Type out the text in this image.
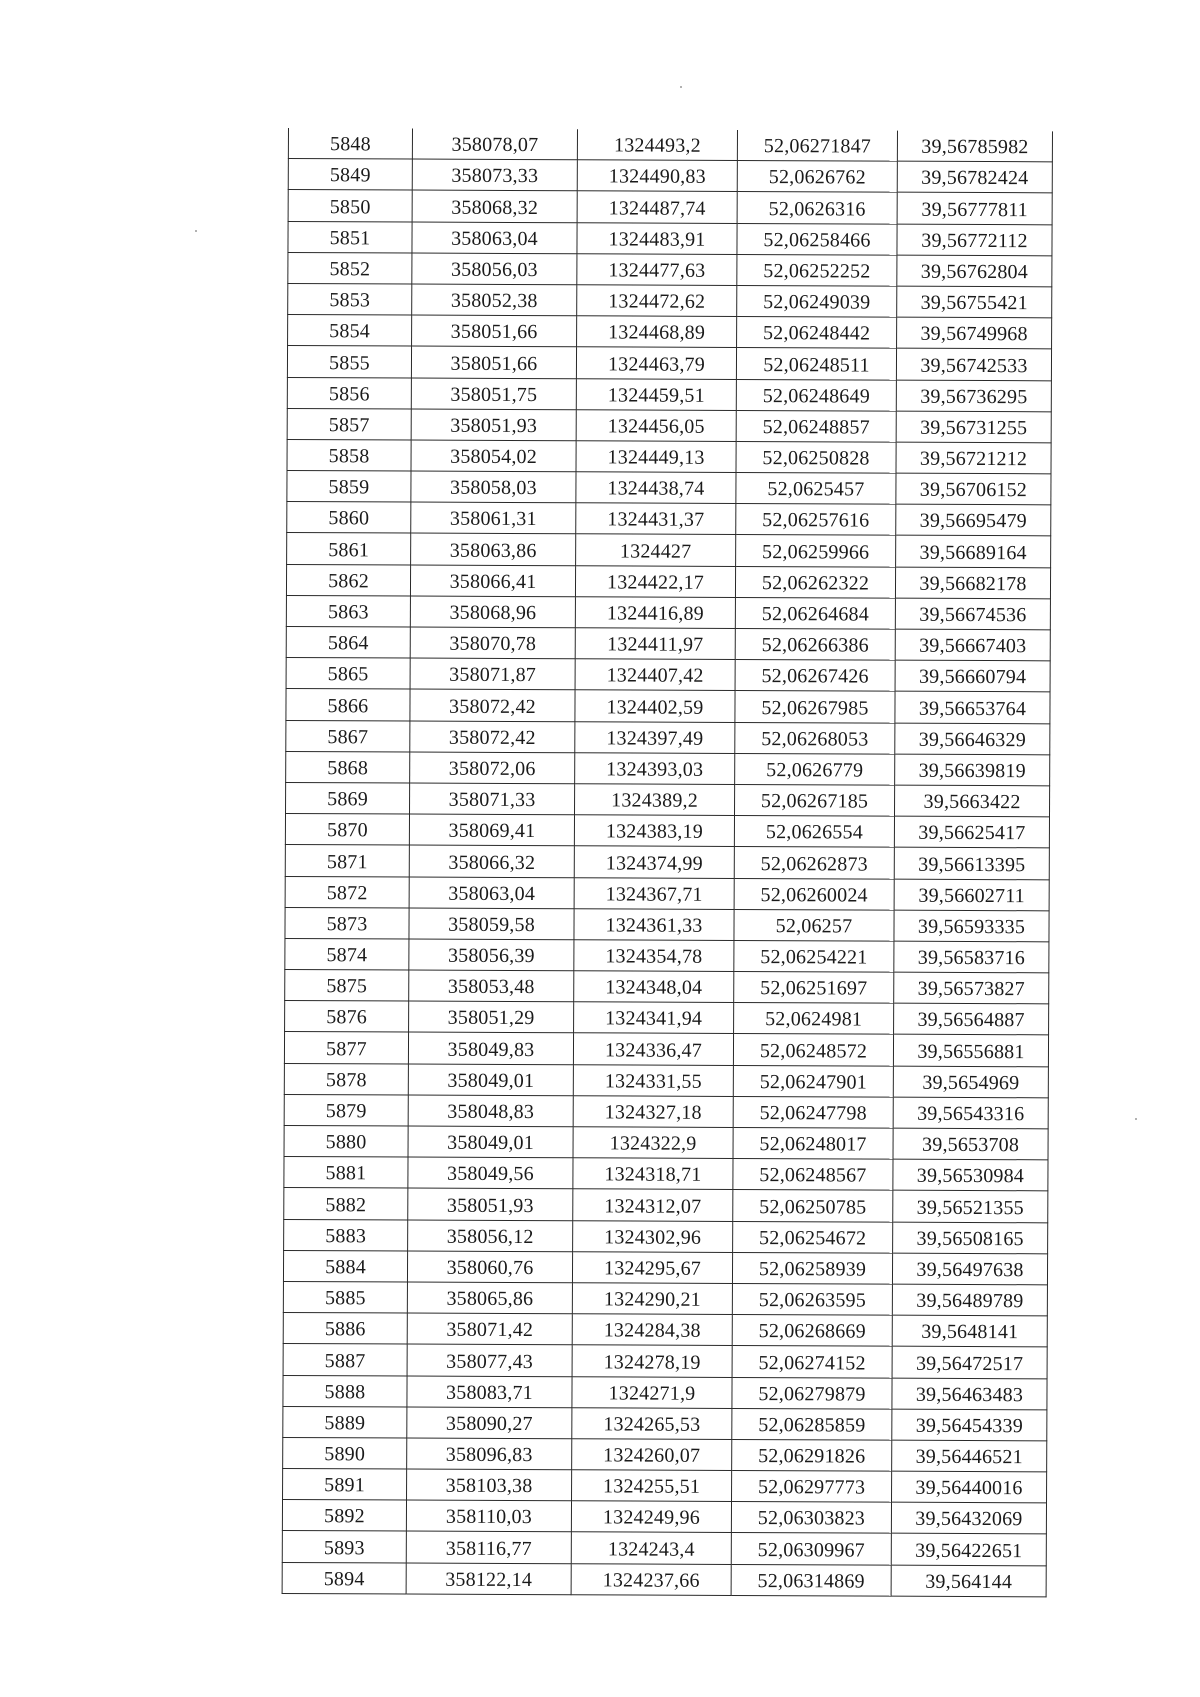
5848	358078,07	1324493,2	52,06271847	39,56785982
5849	358073,33	1324490,83	52,0626762	39,56782424
5850	358068,32	1324487,74	52,0626316	39,56777811
5851	358063,04	1324483,91	52,06258466	39,56772112
5852	358056,03	1324477,63	52,06252252	39,56762804
5853	358052,38	1324472,62	52,06249039	39,56755421
5854	358051,66	1324468,89	52,06248442	39,56749968
5855	358051,66	1324463,79	52,06248511	39,56742533
5856	358051,75	1324459,51	52,06248649	39,56736295
5857	358051,93	1324456,05	52,06248857	39,56731255
5858	358054,02	1324449,13	52,06250828	39,56721212
5859	358058,03	1324438,74	52,0625457	39,56706152
5860	358061,31	1324431,37	52,06257616	39,56695479
5861	358063,86	1324427	52,06259966	39,56689164
5862	358066,41	1324422,17	52,06262322	39,56682178
5863	358068,96	1324416,89	52,06264684	39,56674536
5864	358070,78	1324411,97	52,06266386	39,56667403
5865	358071,87	1324407,42	52,06267426	39,56660794
5866	358072,42	1324402,59	52,06267985	39,56653764
5867	358072,42	1324397,49	52,06268053	39,56646329
5868	358072,06	1324393,03	52,0626779	39,56639819
5869	358071,33	1324389,2	52,06267185	39,5663422
5870	358069,41	1324383,19	52,0626554	39,56625417
5871	358066,32	1324374,99	52,06262873	39,56613395
5872	358063,04	1324367,71	52,06260024	39,56602711
5873	358059,58	1324361,33	52,06257	39,56593335
5874	358056,39	1324354,78	52,06254221	39,56583716
5875	358053,48	1324348,04	52,06251697	39,56573827
5876	358051,29	1324341,94	52,0624981	39,56564887
5877	358049,83	1324336,47	52,06248572	39,56556881
5878	358049,01	1324331,55	52,06247901	39,5654969
5879	358048,83	1324327,18	52,06247798	39,56543316
5880	358049,01	1324322,9	52,06248017	39,5653708
5881	358049,56	1324318,71	52,06248567	39,56530984
5882	358051,93	1324312,07	52,06250785	39,56521355
5883	358056,12	1324302,96	52,06254672	39,56508165
5884	358060,76	1324295,67	52,06258939	39,56497638
5885	358065,86	1324290,21	52,06263595	39,56489789
5886	358071,42	1324284,38	52,06268669	39,5648141
5887	358077,43	1324278,19	52,06274152	39,56472517
5888	358083,71	1324271,9	52,06279879	39,56463483
5889	358090,27	1324265,53	52,06285859	39,56454339
5890	358096,83	1324260,07	52,06291826	39,56446521
5891	358103,38	1324255,51	52,06297773	39,56440016
5892	358110,03	1324249,96	52,06303823	39,56432069
5893	358116,77	1324243,4	52,06309967	39,56422651
5894	358122,14	1324237,66	52,06314869	39,564144
